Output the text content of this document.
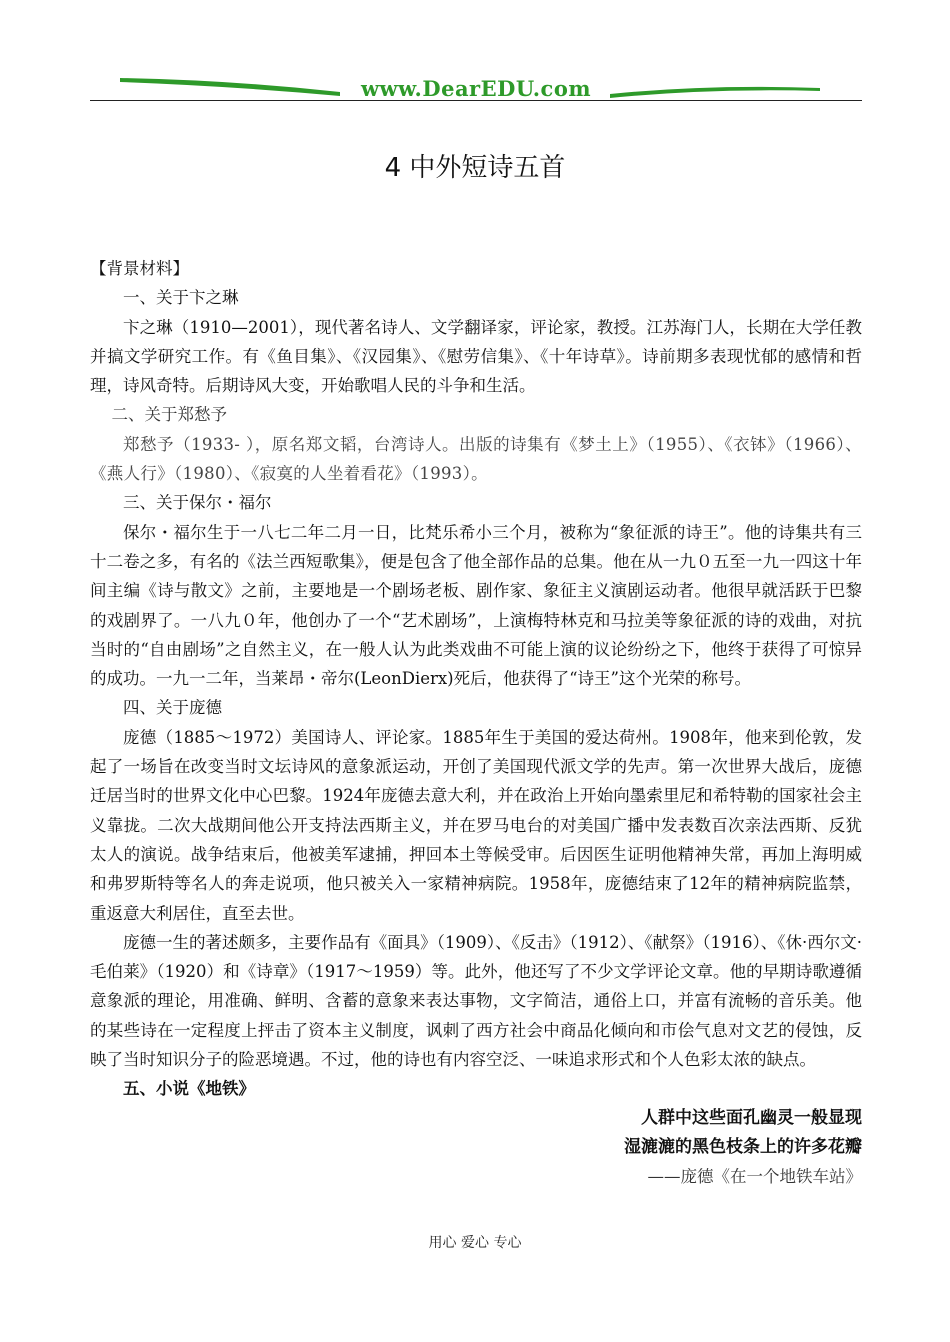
www.DearEDU.com
4 中外短诗五首

【背景材料】

一、关于卞之琳

卞之琳（1910—2001），现代著名诗人、文学翻译家，评论家，教授。江苏海门人，长期在大学任教并搞文学研究工作。有《鱼目集》、《汉园集》、《慰劳信集》、《十年诗草》。诗前期多表现忧郁的感情和哲理，诗风奇特。后期诗风大变，开始歌唱人民的斗争和生活。

二、关于郑愁予

郑愁予（1933- ），原名郑文韬，台湾诗人。出版的诗集有《梦土上》（1955）、《衣钵》（1966）、《燕人行》（1980）、《寂寞的人坐着看花》（1993）。

三、关于保尔・福尔

保尔・福尔生于一八七二年二月一日，比梵乐希小三个月，被称为“象征派的诗王”。他的诗集共有三十二卷之多，有名的《法兰西短歌集》，便是包含了他全部作品的总集。他在从一九０五至一九一四这十年间主编《诗与散文》之前，主要地是一个剧场老板、剧作家、象征主义演剧运动者。他很早就活跃于巴黎的戏剧界了。一八九０年，他创办了一个“艺术剧场”，上演梅特林克和马拉美等象征派的诗的戏曲，对抗当时的“自由剧场”之自然主义，在一般人认为此类戏曲不可能上演的议论纷纷之下，他终于获得了可惊异的成功。一九一二年，当莱昂・帝尔(LeonDierx)死后，他获得了“诗王”这个光荣的称号。

四、关于庞德

庞德（1885～1972）美国诗人、评论家。1885年生于美国的爱达荷州。1908年，他来到伦敦，发起了一场旨在改变当时文坛诗风的意象派运动，开创了美国现代派文学的先声。第一次世界大战后，庞德迁居当时的世界文化中心巴黎。1924年庞德去意大利，并在政治上开始向墨索里尼和希特勒的国家社会主义靠拢。二次大战期间他公开支持法西斯主义，并在罗马电台的对美国广播中发表数百次亲法西斯、反犹太人的演说。战争结束后，他被美军逮捕，押回本土等候受审。后因医生证明他精神失常，再加上海明威和弗罗斯特等名人的奔走说项，他只被关入一家精神病院。1958年，庞德结束了12年的精神病院监禁，重返意大利居住，直至去世。

庞德一生的著述颇多，主要作品有《面具》（1909）、《反击》（1912）、《献祭》（1916）、《休·西尔文·毛伯莱》（1920）和《诗章》（1917～1959）等。此外，他还写了不少文学评论文章。他的早期诗歌遵循意象派的理论，用准确、鲜明、含蓄的意象来表达事物，文字简洁，通俗上口，并富有流畅的音乐美。他的某些诗在一定程度上抨击了资本主义制度，讽刺了西方社会中商品化倾向和市侩气息对文艺的侵蚀，反映了当时知识分子的险恶境遇。不过，他的诗也有内容空泛、一味追求形式和个人色彩太浓的缺点。

五、小说《地铁》

人群中这些面孔幽灵一般显现

湿漉漉的黑色枝条上的许多花瓣

——庞德《在一个地铁车站》

用心 爱心 专心
